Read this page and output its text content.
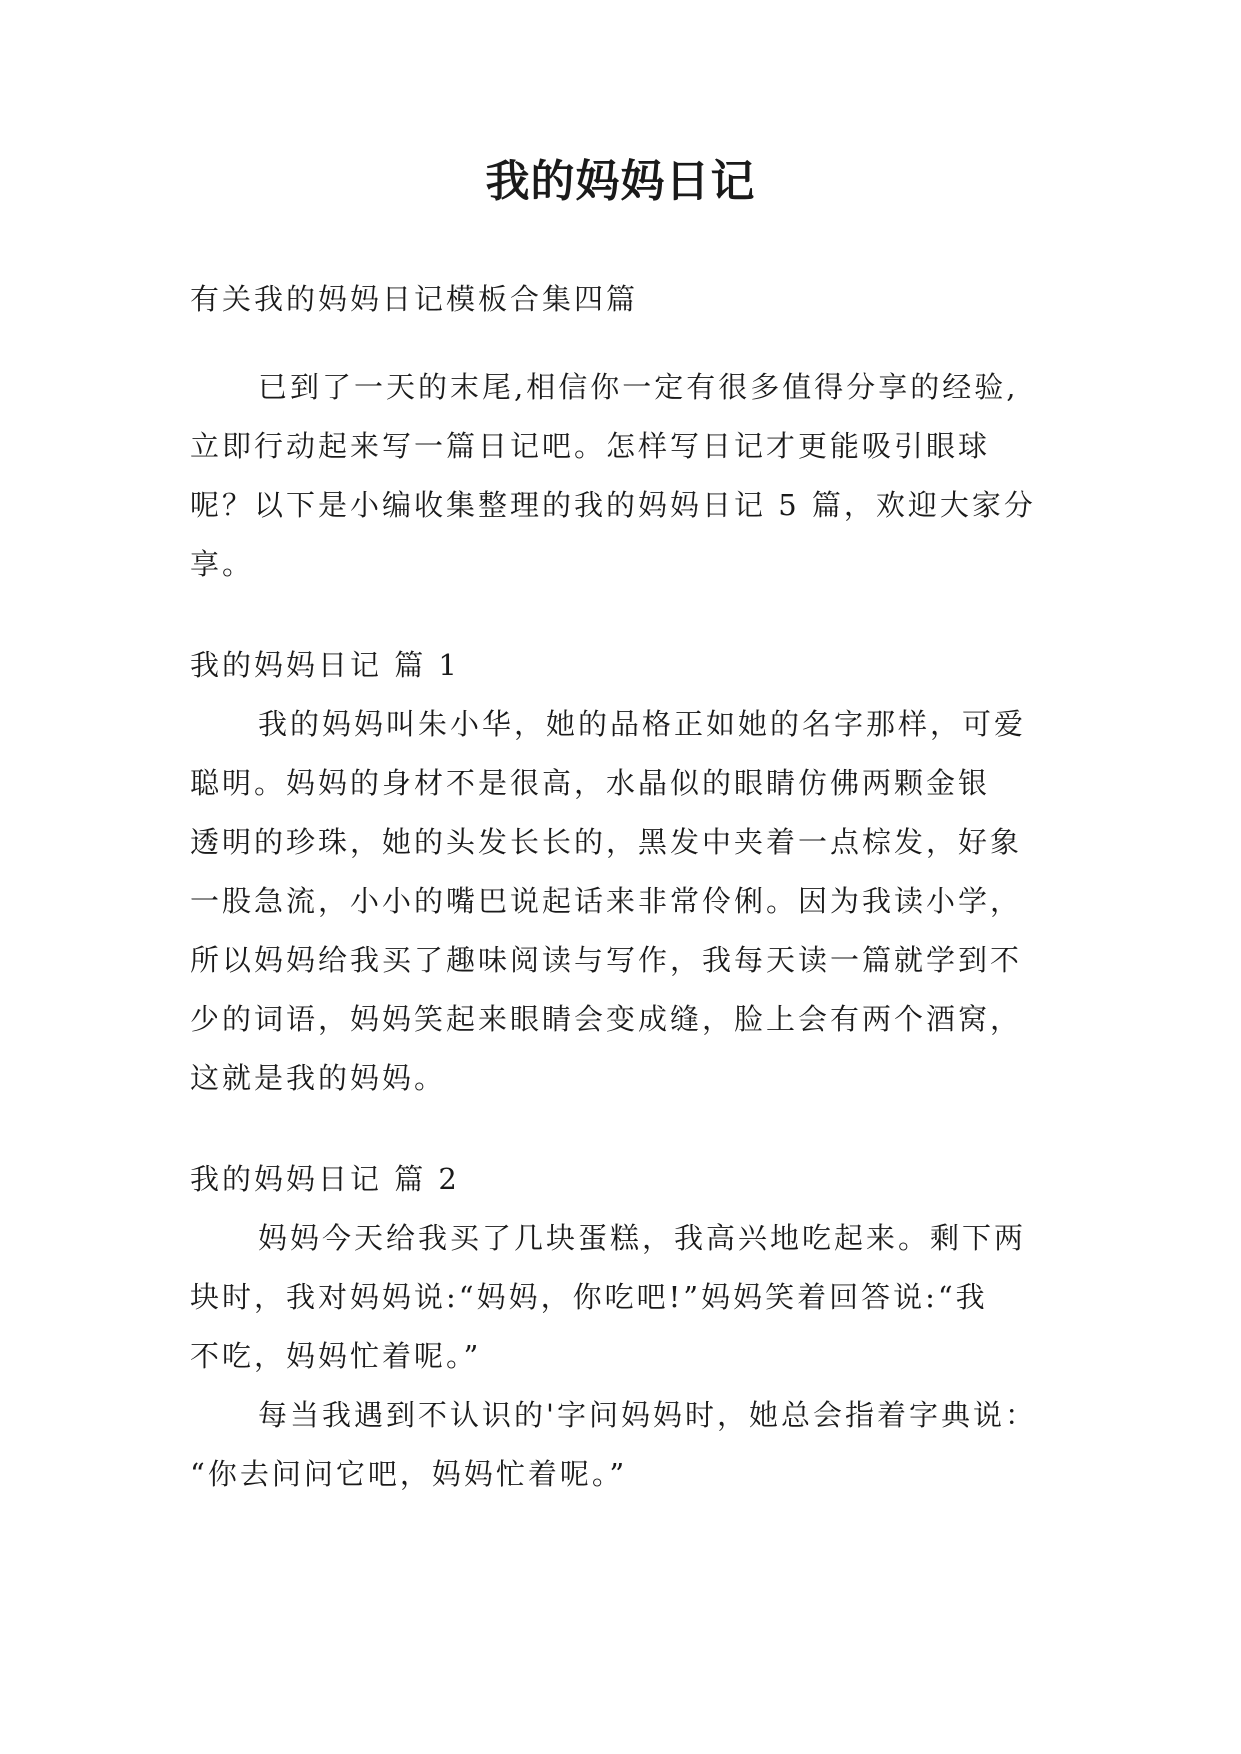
我的妈妈日记

有关我的妈妈日记模板合集四篇

已到了一天的末尾,相信你一定有很多值得分享的经验,
立即行动起来写一篇日记吧。怎样写日记才更能吸引眼球
呢？以下是小编收集整理的我的妈妈日记 5 篇，欢迎大家分
享。

我的妈妈日记 篇 1

我的妈妈叫朱小华，她的品格正如她的名字那样，可爱
聪明。妈妈的身材不是很高，水晶似的眼睛仿佛两颗金银
透明的珍珠，她的头发长长的，黑发中夹着一点棕发，好象
一股急流，小小的嘴巴说起话来非常伶俐。因为我读小学，
所以妈妈给我买了趣味阅读与写作，我每天读一篇就学到不
少的词语，妈妈笑起来眼睛会变成缝，脸上会有两个酒窝，
这就是我的妈妈。

我的妈妈日记 篇 2

妈妈今天给我买了几块蛋糕，我高兴地吃起来。剩下两
块时，我对妈妈说:“妈妈，你吃吧!”妈妈笑着回答说:“我
不吃，妈妈忙着呢。”
每当我遇到不认识的'字问妈妈时，她总会指着字典说：
“你去问问它吧，妈妈忙着呢。”
